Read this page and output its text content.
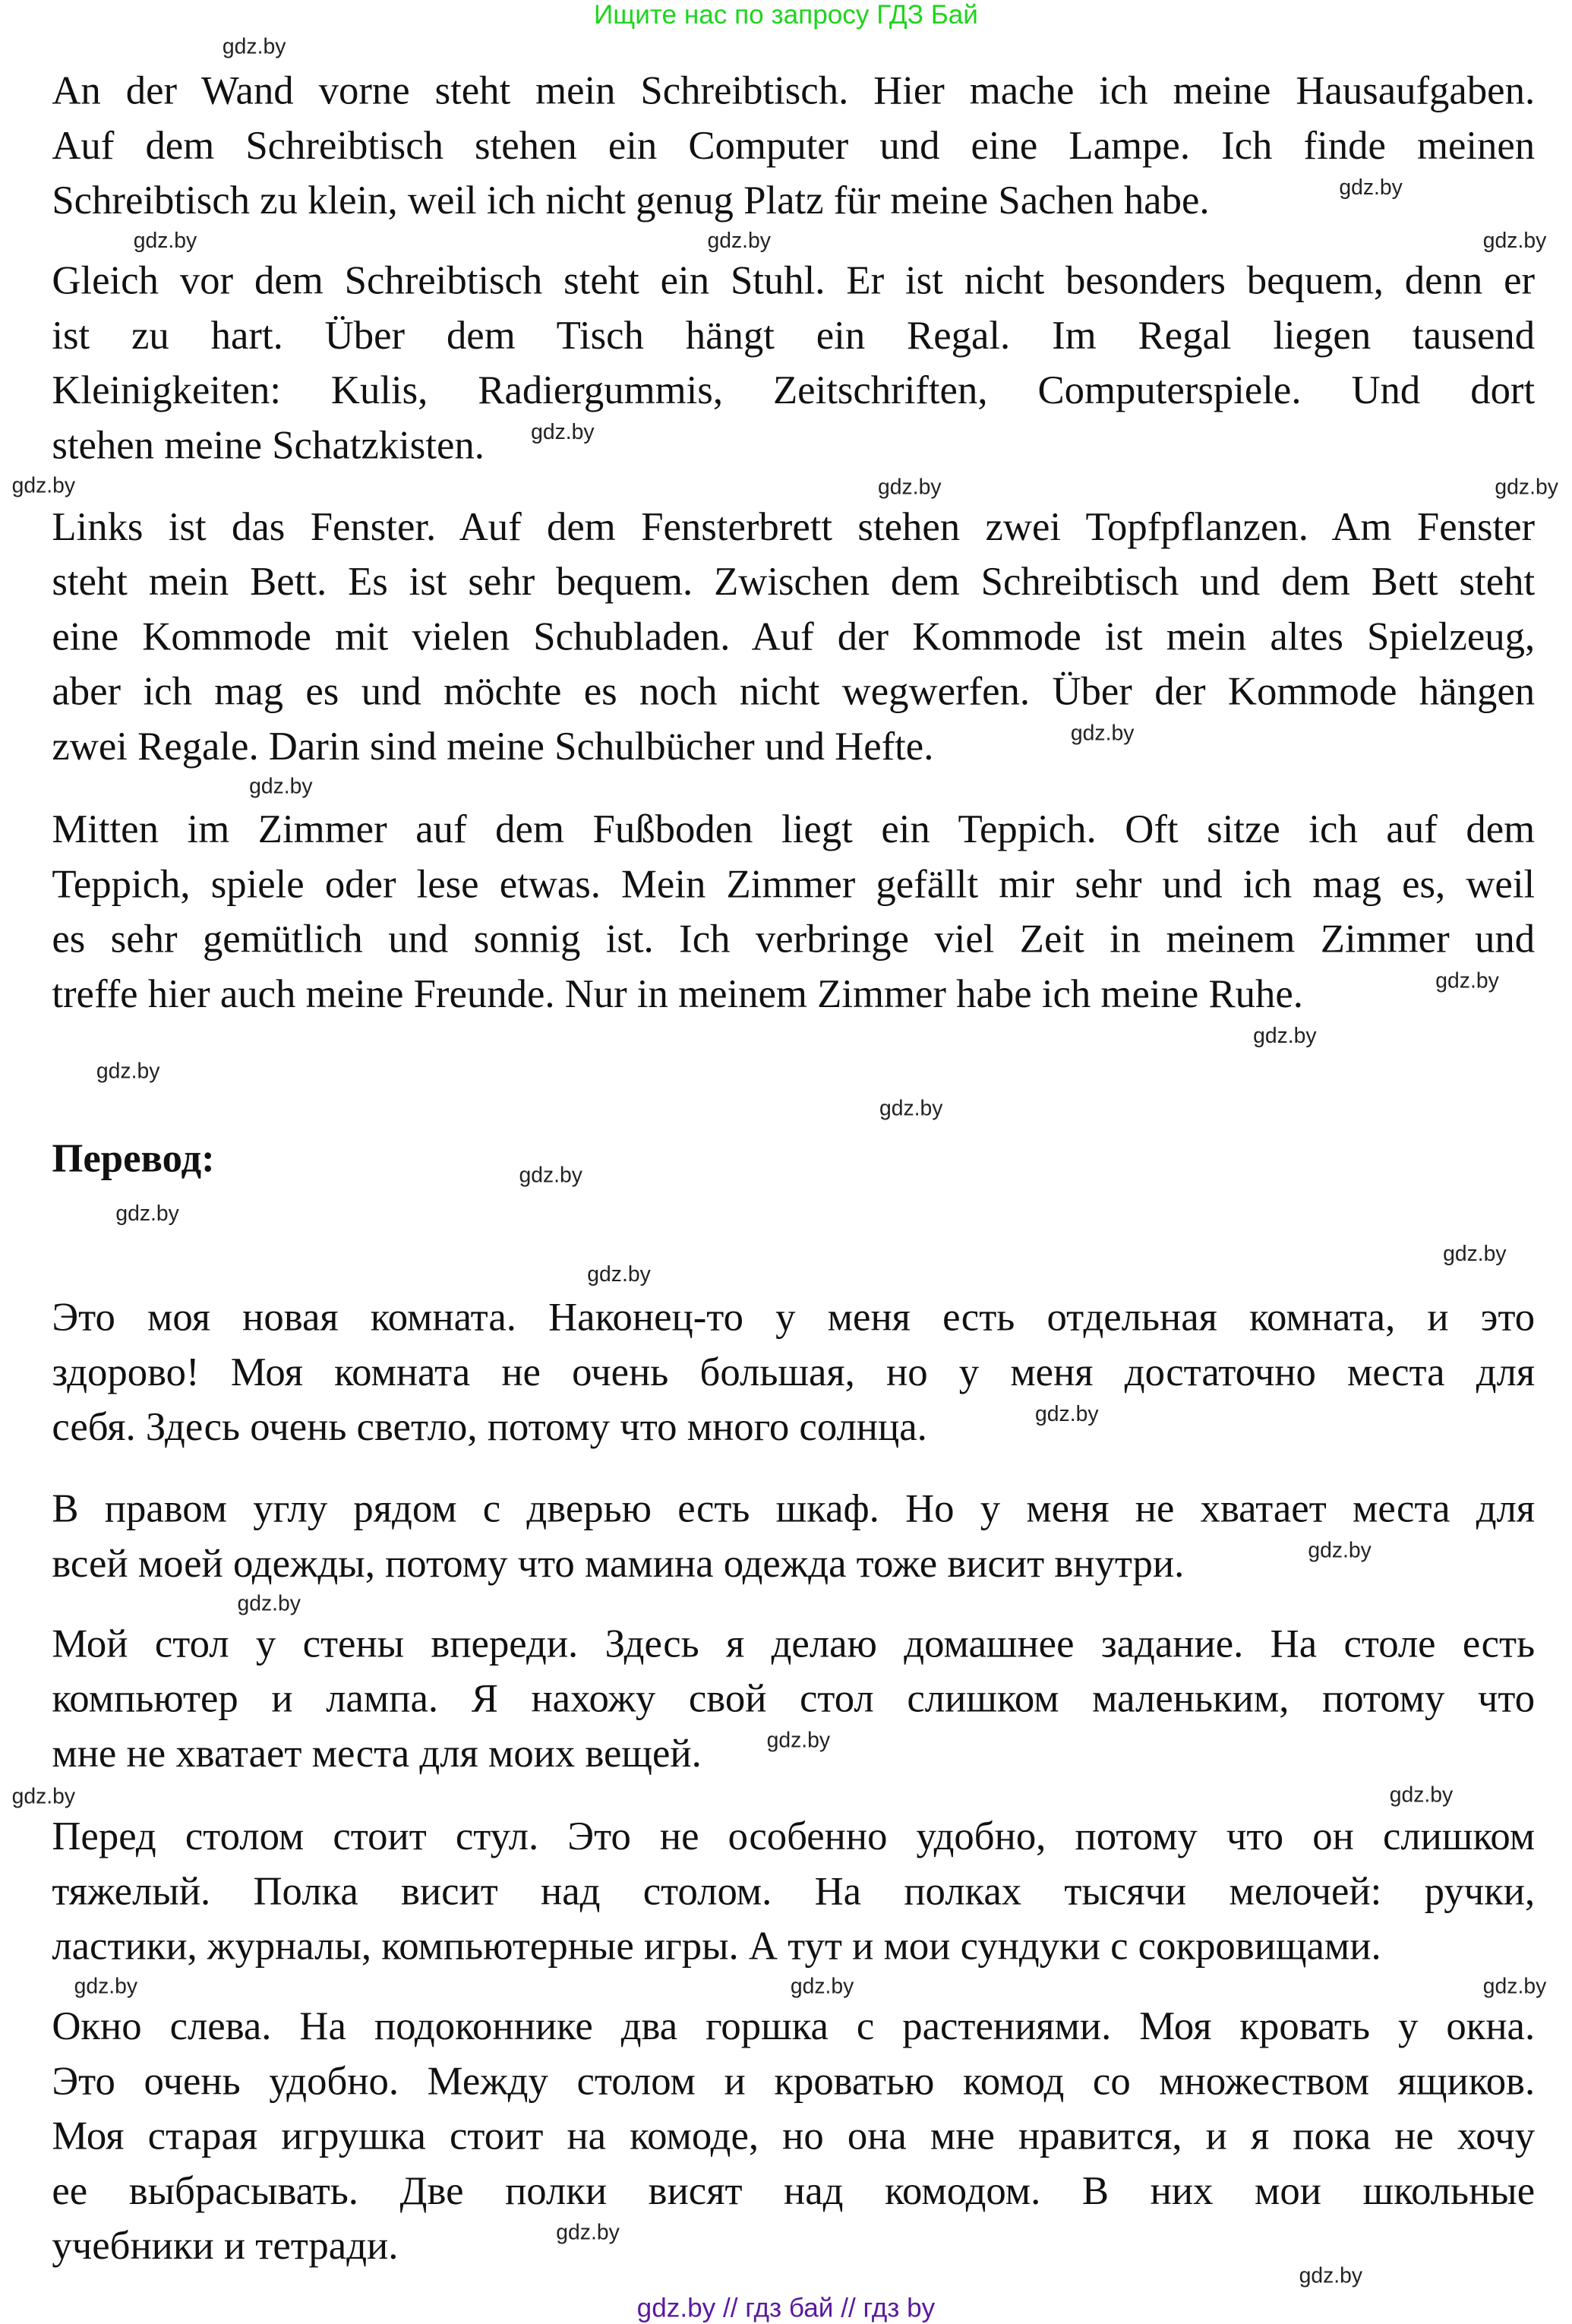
Ищите нас по запросу ГДЗ Бай
An der Wand vorne steht mein Schreibtisch. Hier mache ich meine Hausaufgaben.
Auf dem Schreibtisch stehen ein Computer und eine Lampe. Ich finde meinen
Schreibtisch zu klein, weil ich nicht genug Platz für meine Sachen habe.
Gleich vor dem Schreibtisch steht ein Stuhl. Er ist nicht besonders bequem, denn er
ist zu hart. Über dem Tisch hängt ein Regal. Im Regal liegen tausend
Kleinigkeiten: Kulis, Radiergummis, Zeitschriften, Computerspiele. Und dort
stehen meine Schatzkisten.
Links ist das Fenster. Auf dem Fensterbrett stehen zwei Topfpflanzen. Am Fenster
steht mein Bett. Es ist sehr bequem. Zwischen dem Schreibtisch und dem Bett steht
eine Kommode mit vielen Schubladen. Auf der Kommode ist mein altes Spielzeug,
aber ich mag es und möchte es noch nicht wegwerfen. Über der Kommode hängen
zwei Regale. Darin sind meine Schulbücher und Hefte.
Mitten im Zimmer auf dem Fußboden liegt ein Teppich. Oft sitze ich auf dem
Teppich, spiele oder lese etwas. Mein Zimmer gefällt mir sehr und ich mag es, weil
es sehr gemütlich und sonnig ist. Ich verbringe viel Zeit in meinem Zimmer und
treffe hier auch meine Freunde. Nur in meinem Zimmer habe ich meine Ruhe.
Это моя новая комната. Наконец-то у меня есть отдельная комната, и это
здорово! Моя комната не очень большая, но у меня достаточно места для
себя. Здесь очень светло, потому что много солнца.
В правом углу рядом с дверью есть шкаф. Но у меня не хватает места для
всей моей одежды, потому что мамина одежда тоже висит внутри.
Мой стол у стены впереди. Здесь я делаю домашнее задание. На столе есть
компьютер и лампа. Я нахожу свой стол слишком маленьким, потому что
мне не хватает места для моих вещей.
Перед столом стоит стул. Это не особенно удобно, потому что он слишком
тяжелый. Полка висит над столом. На полках тысячи мелочей: ручки,
ластики, журналы, компьютерные игры. А тут и мои сундуки с сокровищами.
Окно слева. На подоконнике два горшка с растениями. Моя кровать у окна.
Это очень удобно. Между столом и кроватью комод со множеством ящиков.
Моя старая игрушка стоит на комоде, но она мне нравится, и я пока не хочу
ее выбрасывать. Две полки висят над комодом. В них мои школьные
учебники и тетради.
Перевод:
gdz.by // гдз бай // гдз by
gdz.by
gdz.by	gdz.by	gdz.by
gdz.by	gdz.by	gdz.by
gdz.by
gdz.by
gdz.by
gdz.by
gdz.by
gdz.by
gdz.by
gdz.by
gdz.by
gdz.by	gdz.by
gdz.by	gdz.by	gdz.by
gdz.by
gdz.by
gdz.by
gdz.by
gdz.by
gdz.by
gdz.by
gdz.by
gdz.by
